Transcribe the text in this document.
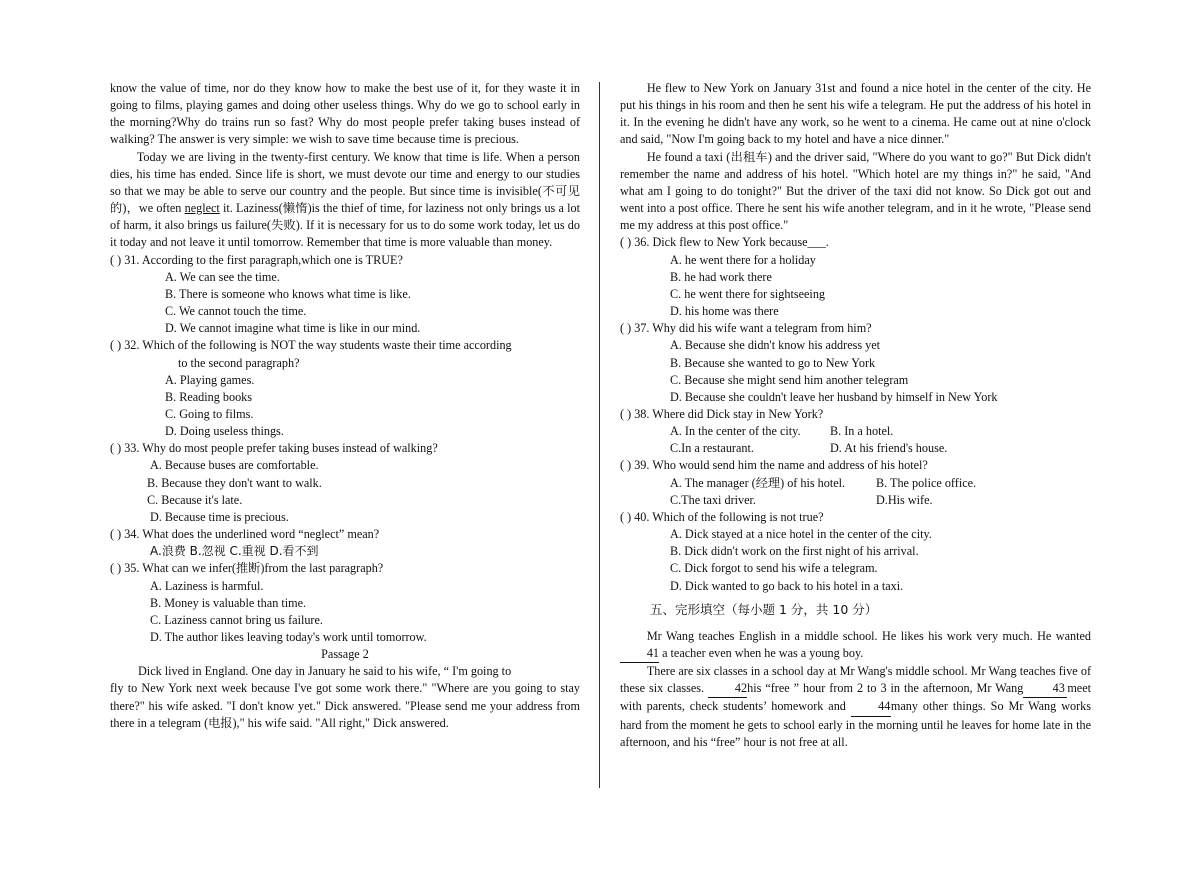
know the value of time, nor do they know how to make the best use of it, for they waste it in going to films, playing games and doing other useless things. Why do we go to school early in the morning?Why do trains run so fast? Why do most people prefer taking buses instead of walking? The answer is very simple: we wish to save time because time is precious.

Today we are living in the twenty-first century. We know that time is life. When a person dies, his time has ended. Since life is short, we must devote our time and energy to our studies so that we may be able to serve our country and the people. But since time is invisible(不可见的)，we often neglect it. Laziness(懒惰)is the thief of time, for laziness not only brings us a lot of harm, it also brings us failure(失败). If it is necessary for us to do some work today, let us do it today and not leave it until tomorrow. Remember that time is more valuable than money.

( ) 31. According to the first paragraph,which one is TRUE?
A. We can see the time.
B. There is someone who knows what time is like.
C. We cannot touch the time.
D. We cannot imagine what time is like in our mind.
( ) 32. Which of the following is NOT the way students waste their time according
to the second paragraph?
A. Playing games.
B. Reading books
C. Going to films.
D. Doing useless things.
( ) 33. Why do most people prefer taking buses instead of walking?
A. Because buses are comfortable.
B. Because they don't want to walk.
C. Because it's late.
D. Because time is precious.
( ) 34. What does the underlined word “neglect” mean?
A.浪费 B.忽视 C.重视 D.看不到
( ) 35. What can we infer(推断)from the last paragraph?
A. Laziness is harmful.
B. Money is valuable than time.
C. Laziness cannot bring us failure.
D. The author likes leaving today's work until tomorrow.
Passage 2
Dick lived in England. One day in January he said to his wife, “ I'm going to

fly to New York next week because I've got some work there." "Where are you going to stay there?" his wife asked. "I don't know yet." Dick answered. "Please send me your address from there in a telegram (电报)," his wife said. "All right," Dick answered.

He flew to New York on January 31st and found a nice hotel in the center of the city. He put his things in his room and then he sent his wife a telegram. He put the address of his hotel in it. In the evening he didn't have any work, so he went to a cinema. He came out at nine o'clock and said, "Now I'm going back to my hotel and have a nice dinner."

He found a taxi (出租车) and the driver said, "Where do you want to go?" But Dick didn't remember the name and address of his hotel. "Which hotel are my things in?" he said, "And what am I going to do tonight?" But the driver of the taxi did not know. So Dick got out and went into a post office. There he sent his wife another telegram, and in it he wrote, "Please send me my address at this post office."

( ) 36. Dick flew to New York because___.
A. he went there for a holiday
B. he had work there
C. he went there for sightseeing
D. his home was there
( ) 37. Why did his wife want a telegram from him?
A. Because she didn't know his address yet
B. Because she wanted to go to New York
C. Because she might send him another telegram
D. Because she couldn't leave her husband by himself in New York
( ) 38. Where did Dick stay in New York?
A. In the center of the city.	B. In a hotel.
C.In a restaurant.	D. At his friend's house.
( ) 39. Who would send him the name and address of his hotel?
A. The manager (经理) of his hotel.	B. The police office.
C.The taxi driver.	D.His wife.
( ) 40. Which of the following is not true?
A. Dick stayed at a nice hotel in the center of the city.
B. Dick didn't work on the first night of his arrival.
C. Dick forgot to send his wife a telegram.
D. Dick wanted to go back to his hotel in a taxi.
五、完形填空（每小题 1 分，共 10 分）

Mr Wang teaches English in a middle school. He likes his work very much. He wanted41 a teacher even when he was a young boy.

There are six classes in a school day at Mr Wang's middle school. Mr Wang teaches five of these six classes. 42his “free ” hour from 2 to 3 in the afternoon, Mr Wang 43 meet with parents, check students’ homework and 44many other things. So Mr Wang works hard from the moment he gets to school early in the morning until he leaves for home late in the afternoon, and his “free” hour is not free at all.
